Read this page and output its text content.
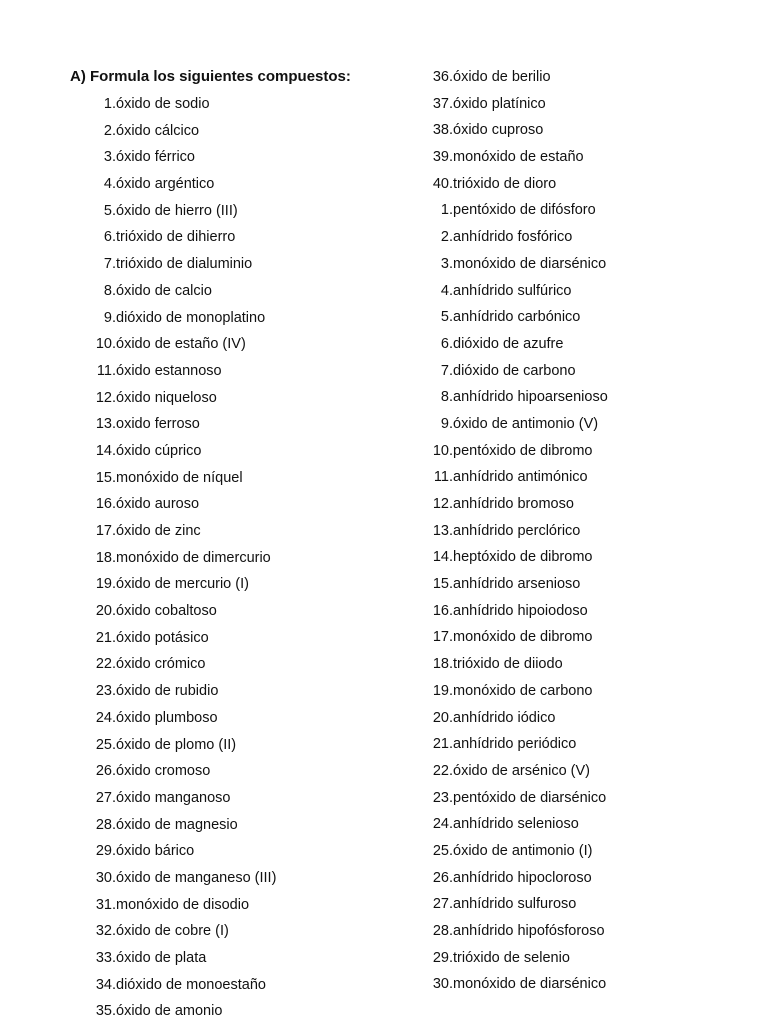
A) Formula los siguientes compuestos:
1. óxido de sodio
2. óxido cálcico
3. óxido férrico
4. óxido argéntico
5. óxido de hierro (III)
6. trióxido de dihierro
7. trióxido de dialuminio
8. óxido de calcio
9. dióxido de monoplatino
10. óxido de estaño (IV)
11. óxido estannoso
12. óxido niqueloso
13. oxido ferroso
14. óxido cúprico
15. monóxido de níquel
16. óxido auroso
17. óxido de zinc
18. monóxido de dimercurio
19. óxido de mercurio (I)
20. óxido cobaltoso
21. óxido potásico
22. óxido crómico
23. óxido de rubidio
24. óxido plumboso
25. óxido de plomo (II)
26. óxido cromoso
27. óxido manganoso
28. óxido de magnesio
29. óxido bárico
30. óxido de manganeso (III)
31. monóxido de disodio
32. óxido de cobre (I)
33. óxido de plata
34. dióxido de monoestaño
35. óxido de amonio
36. óxido de berilio
37. óxido platínico
38. óxido cuproso
39. monóxido de estaño
40. trióxido de dioro
1. pentóxido de difósforo
2. anhídrido fosfórico
3. monóxido de diarsénico
4. anhídrido sulfúrico
5. anhídrido carbónico
6. dióxido de azufre
7. dióxido de carbono
8. anhídrido hipoarsenioso
9. óxido de antimonio (V)
10. pentóxido de dibromo
11. anhídrido antimónico
12. anhídrido bromoso
13. anhídrido perclórico
14. heptóxido de dibromo
15. anhídrido arsenioso
16. anhídrido hipoiodoso
17. monóxido de dibromo
18. trióxido de diiodo
19. monóxido de carbono
20. anhídrido iódico
21. anhídrido periódico
22. óxido de arsénico (V)
23. pentóxido de diarsénico
24. anhídrido selenioso
25. óxido de antimonio (I)
26. anhídrido hipocloroso
27. anhídrido sulfuroso
28. anhídrido hipofósforoso
29. trióxido de selenio
30. monóxido de diarsénico
